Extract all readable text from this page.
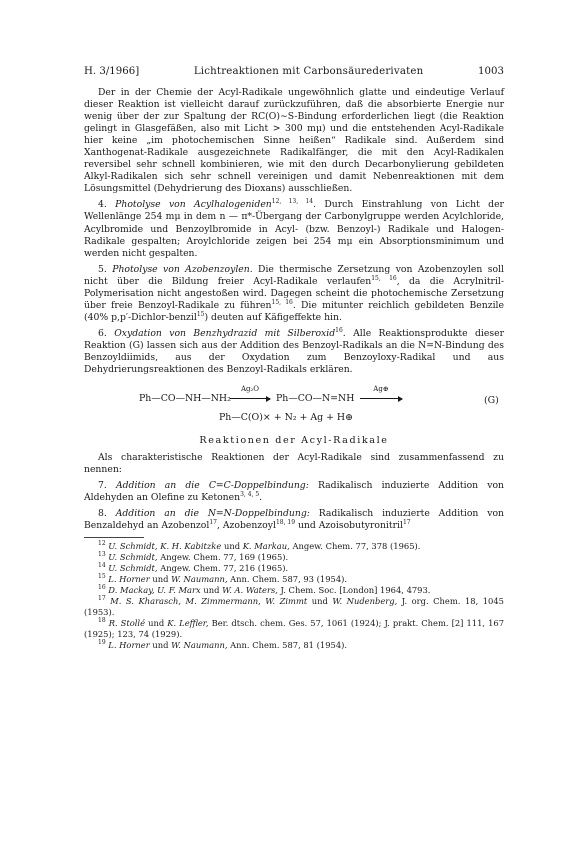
H. 3/1966]	Lichtreaktionen mit Carbonsäurederivaten	1003

Der in der Chemie der Acyl-Radikale ungewöhnlich glatte und eindeutige Verlauf dieser Reaktion ist vielleicht darauf zurückzuführen, daß die absorbierte Energie nur wenig über der zur Spaltung der RC(O)∼S-Bindung erforderlichen liegt (die Reaktion gelingt in Glasgefäßen, also mit Licht > 300 mμ) und die entstehenden Acyl-Radikale hier keine „im photochemischen Sinne heißen“ Radikale sind. Außerdem sind Xanthogenat-Radikale ausgezeichnete Radikalfänger, die mit den Acyl-Radikalen reversibel sehr schnell kombinieren, wie mit den durch Decarbonylierung gebildeten Alkyl-Radikalen sich sehr schnell vereinigen und damit Nebenreaktionen mit dem Lösungsmittel (Dehydrierung des Dioxans) ausschließen.

4. Photolyse von Acylhalogeniden$^{12, 13, 14}$. Durch Einstrahlung von Licht der Wellenlänge 254 mμ in dem n — π*-Übergang der Carbonylgruppe werden Acylchloride, Acylbromide und Benzoylbromide in Acyl- (bzw. Benzoyl-) Radikale und Halogen-Radikale gespalten; Aroylchloride zeigen bei 254 mμ ein Absorptionsminimum und werden nicht gespalten.

5. Photolyse von Azobenzoylen. Die thermische Zersetzung von Azobenzoylen soll nicht über die Bildung freier Acyl-Radikale verlaufen$^{15, 16}$, da die Acrylnitril-Polymerisation nicht angestoßen wird. Dagegen scheint die photochemische Zersetzung über freie Benzoyl-Radikale zu führen$^{15, 16}$. Die mitunter reichlich gebildeten Benzile (40% p,p′-Dichlor-benzil$^{15}$) deuten auf Käfigeffekte hin.

6. Oxydation von Benzhydrazid mit Silberoxid$^{16}$. Alle Reaktionsprodukte dieser Reaktion (G) lassen sich aus der Addition des Benzoyl-Radikals an die N=N-Bindung des Benzoyldiimids, aus der Oxydation zum Benzoyloxy-Radikal und aus Dehydrierungsreaktionen des Benzoyl-Radikals erklären.

Ph—CO—NH—NH₂
Ag₂O
Ph—CO—N=NH
Ag⊕
(G)
Ph—C(O)× + N₂ + Ag + H⊕
Reaktionen der Acyl-Radikale

Als charakteristische Reaktionen der Acyl-Radikale sind zusammenfassend zu nennen:

7. Addition an die C=C-Doppelbindung: Radikalisch induzierte Addition von Aldehyden an Olefine zu Ketonen$^{3, 4, 5}$.

8. Addition an die N=N-Doppelbindung: Radikalisch induzierte Addition von Benzaldehyd an Azobenzol$^{17}$, Azobenzoyl$^{18, 19}$ und Azoisobutyronitril$^{17}$

$^{12}$ U. Schmidt, K. H. Kabitzke und K. Markau, Angew. Chem. 77, 378 (1965).

$^{13}$ U. Schmidt, Angew. Chem. 77, 169 (1965).

$^{14}$ U. Schmidt, Angew. Chem. 77, 216 (1965).

$^{15}$ L. Horner und W. Naumann, Ann. Chem. 587, 93 (1954).

$^{16}$ D. Mackay, U. F. Marx und W. A. Waters, J. Chem. Soc. [London] 1964, 4793.

$^{17}$ M. S. Kharasch, M. Zimmermann, W. Zimmt und W. Nudenberg, J. org. Chem. 18, 1045 (1953).

$^{18}$ R. Stollé und K. Leffler, Ber. dtsch. chem. Ges. 57, 1061 (1924); J. prakt. Chem. [2] 111, 167 (1925); 123, 74 (1929).

$^{19}$ L. Horner und W. Naumann, Ann. Chem. 587, 81 (1954).
